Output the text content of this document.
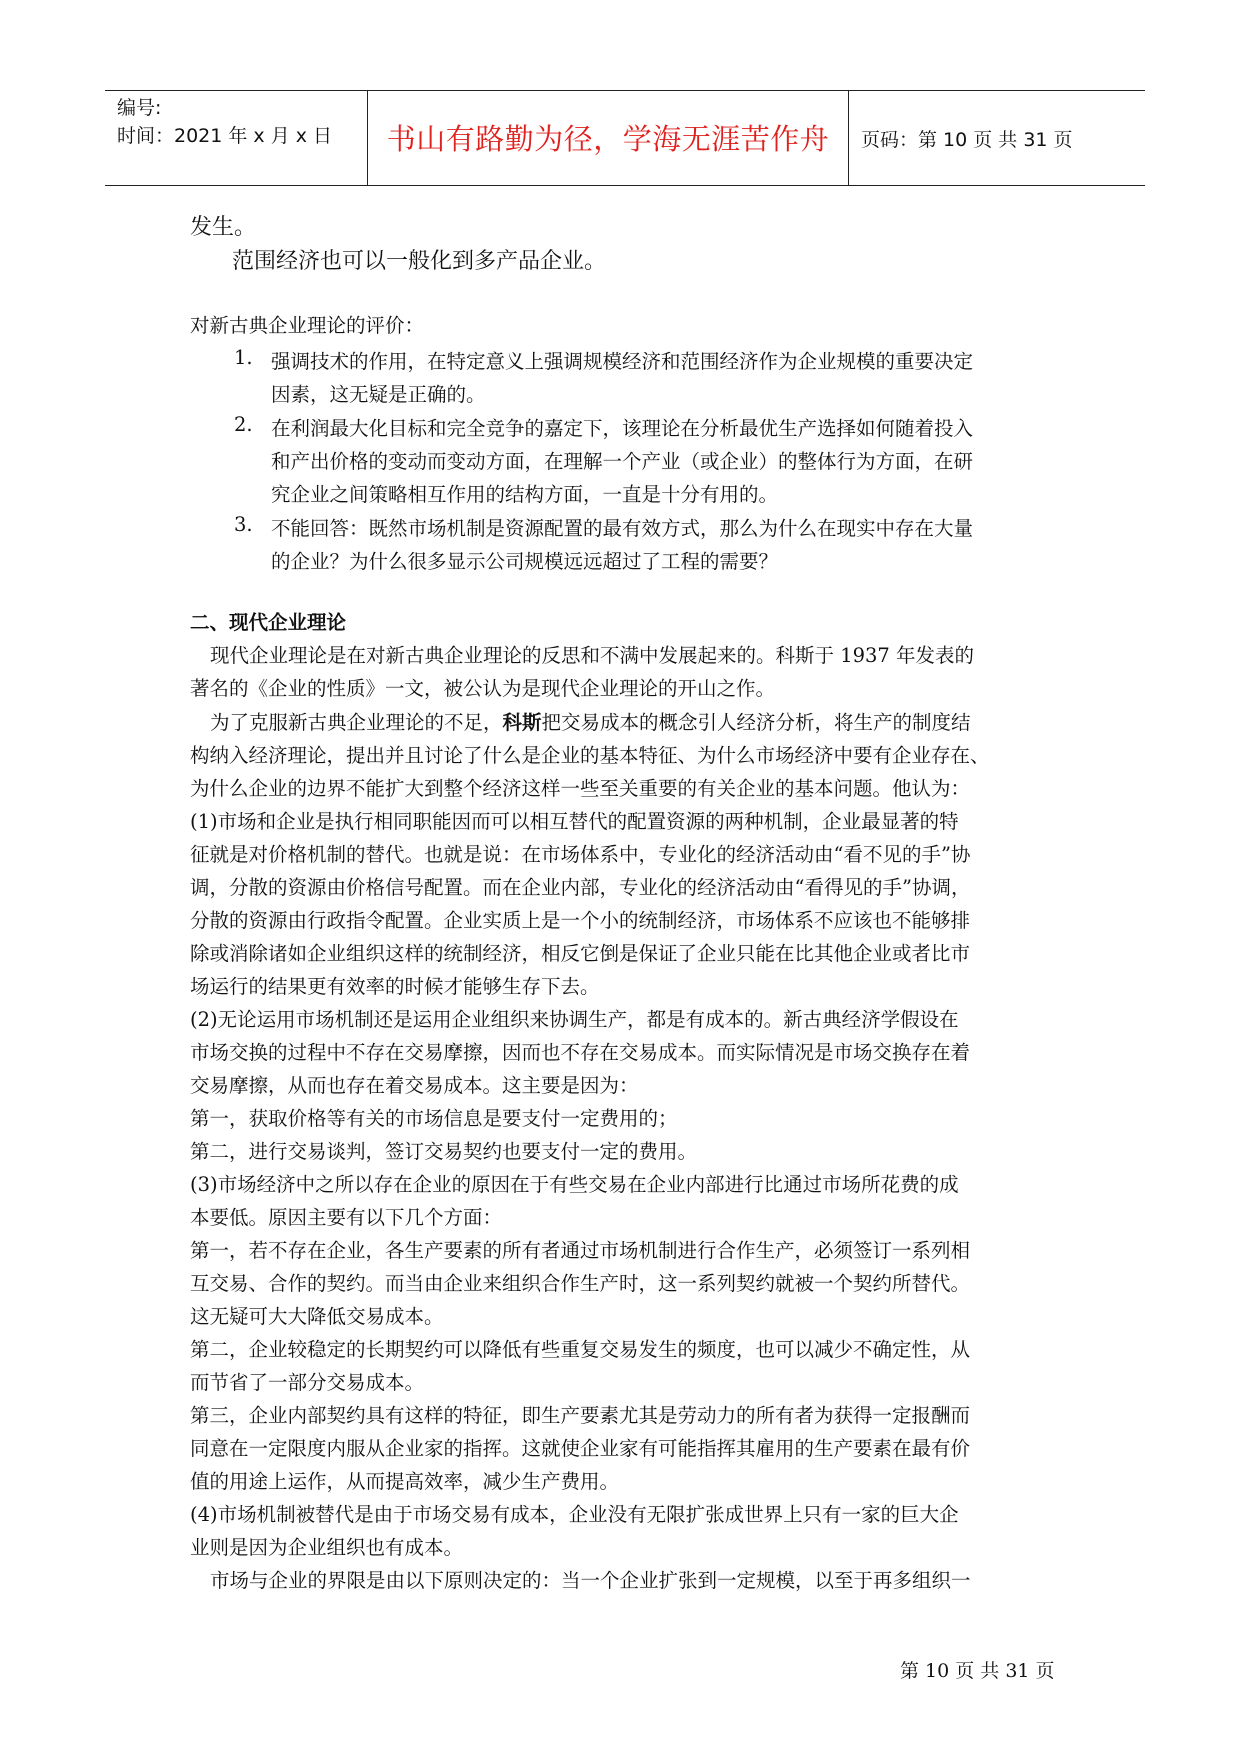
编号:
时间：2021 年 x 月 x 日	书山有路勤为径，学海无涯苦作舟	页码：第 10 页 共 31 页
发生。
范围经济也可以一般化到多产品企业。
对新古典企业理论的评价：
1. 强调技术的作用，在特定意义上强调规模经济和范围经济作为企业规模的重要决定
因素，这无疑是正确的。
2. 在利润最大化目标和完全竞争的嘉定下，该理论在分析最优生产选择如何随着投入
和产出价格的变动而变动方面，在理解一个产业（或企业）的整体行为方面，在研
究企业之间策略相互作用的结构方面，一直是十分有用的。
3. 不能回答：既然市场机制是资源配置的最有效方式，那么为什么在现实中存在大量
的企业？为什么很多显示公司规模远远超过了工程的需要？
二、现代企业理论
现代企业理论是在对新古典企业理论的反思和不满中发展起来的。科斯于 1937 年发表的
著名的《企业的性质》一文，被公认为是现代企业理论的开山之作。
为了克服新古典企业理论的不足，科斯把交易成本的概念引人经济分析，将生产的制度结
构纳入经济理论，提出并且讨论了什么是企业的基本特征、为什么市场经济中要有企业存在、
为什么企业的边界不能扩大到整个经济这样一些至关重要的有关企业的基本问题。他认为：
(1)市场和企业是执行相同职能因而可以相互替代的配置资源的两种机制，企业最显著的特
征就是对价格机制的替代。也就是说：在市场体系中，专业化的经济活动由“看不见的手”协
调，分散的资源由价格信号配置。而在企业内部，专业化的经济活动由“看得见的手”协调，
分散的资源由行政指令配置。企业实质上是一个小的统制经济，市场体系不应该也不能够排
除或消除诸如企业组织这样的统制经济，相反它倒是保证了企业只能在比其他企业或者比市
场运行的结果更有效率的时候才能够生存下去。
(2)无论运用市场机制还是运用企业组织来协调生产，都是有成本的。新古典经济学假设在
市场交换的过程中不存在交易摩擦，因而也不存在交易成本。而实际情况是市场交换存在着
交易摩擦，从而也存在着交易成本。这主要是因为：
第一，获取价格等有关的市场信息是要支付一定费用的；
第二，进行交易谈判，签订交易契约也要支付一定的费用。
(3)市场经济中之所以存在企业的原因在于有些交易在企业内部进行比通过市场所花费的成
本要低。原因主要有以下几个方面：
第一，若不存在企业，各生产要素的所有者通过市场机制进行合作生产，必须签订一系列相
互交易、合作的契约。而当由企业来组织合作生产时，这一系列契约就被一个契约所替代。
这无疑可大大降低交易成本。
第二，企业较稳定的长期契约可以降低有些重复交易发生的频度，也可以减少不确定性，从
而节省了一部分交易成本。
第三，企业内部契约具有这样的特征，即生产要素尤其是劳动力的所有者为获得一定报酬而
同意在一定限度内服从企业家的指挥。这就使企业家有可能指挥其雇用的生产要素在最有价
值的用途上运作，从而提高效率，减少生产费用。
(4)市场机制被替代是由于市场交易有成本，企业没有无限扩张成世界上只有一家的巨大企
业则是因为企业组织也有成本。
市场与企业的界限是由以下原则决定的：当一个企业扩张到一定规模，以至于再多组织一
第 10 页 共 31 页
